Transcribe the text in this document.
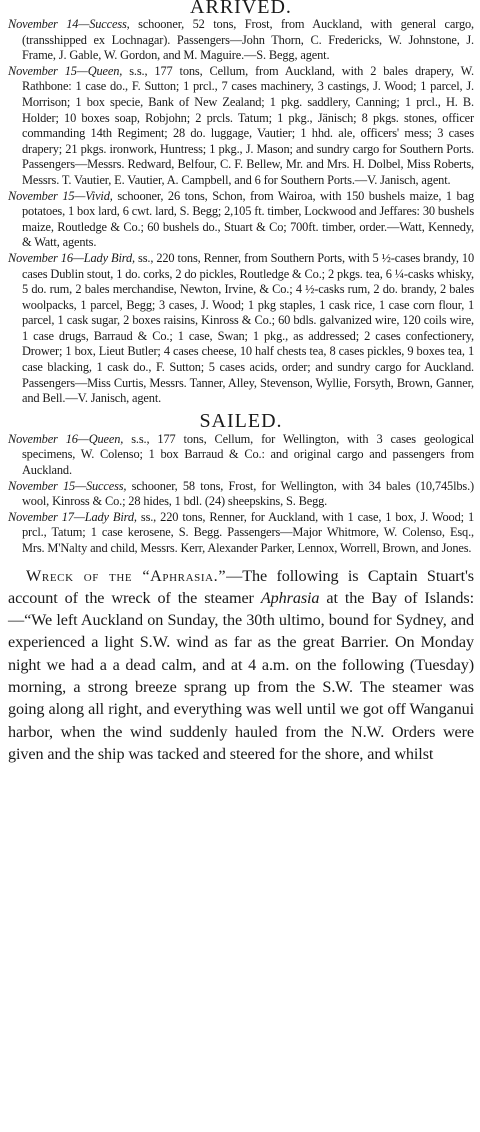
ARRIVED.

November 14—Success, schooner, 52 tons, Frost, from Auckland, with general cargo, (transshipped ex Lochnagar). Passengers—John Thorn, C. Fredericks, W. Johnstone, J. Frame, J. Gable, W. Gordon, and M. Maguire.—S. Begg, agent.

November 15—Queen, s.s., 177 tons, Cellum, from Auckland, with 2 bales drapery, W. Rathbone: 1 case do., F. Sutton; 1 prcl., 7 cases machinery, 3 castings, J. Wood; 1 parcel, J. Morrison; 1 box specie, Bank of New Zealand; 1 pkg. saddlery, Canning; 1 prcl., H. B. Holder; 10 boxes soap, Robjohn; 2 prcls. Tatum; 1 pkg., Jänisch; 8 pkgs. stones, officer commanding 14th Regiment; 28 do. luggage, Vautier; 1 hhd. ale, officers' mess; 3 cases drapery; 21 pkgs. ironwork, Huntress; 1 pkg., J. Mason; and sundry cargo for Southern Ports. Passengers—Messrs. Redward, Belfour, C. F. Bellew, Mr. and Mrs. H. Dolbel, Miss Roberts, Messrs. T. Vautier, E. Vautier, A. Campbell, and 6 for Southern Ports.—V. Janisch, agent.

November 15—Vivid, schooner, 26 tons, Schon, from Wairoa, with 150 bushels maize, 1 bag potatoes, 1 box lard, 6 cwt. lard, S. Begg; 2,105 ft. timber, Lockwood and Jeffares: 30 bushels maize, Routledge & Co.; 60 bushels do., Stuart & Co; 700ft. timber, order.—Watt, Kennedy, & Watt, agents.

November 16—Lady Bird, ss., 220 tons, Renner, from Southern Ports, with 5 ½-cases brandy, 10 cases Dublin stout, 1 do. corks, 2 do pickles, Routledge & Co.; 2 pkgs. tea, 6 ¼-casks whisky, 5 do. rum, 2 bales merchandise, Newton, Irvine, & Co.; 4 ½-casks rum, 2 do. brandy, 2 bales woolpacks, 1 parcel, Begg; 3 cases, J. Wood; 1 pkg staples, 1 cask rice, 1 case corn flour, 1 parcel, 1 cask sugar, 2 boxes raisins, Kinross & Co.; 60 bdls. galvanized wire, 120 coils wire, 1 case drugs, Barraud & Co.; 1 case, Swan; 1 pkg., as addressed; 2 cases confectionery, Drower; 1 box, Lieut Butler; 4 cases cheese, 10 half chests tea, 8 cases pickles, 9 boxes tea, 1 case blacking, 1 cask do., F. Sutton; 5 cases acids, order; and sundry cargo for Auckland. Passengers—Miss Curtis, Messrs. Tanner, Alley, Stevenson, Wyllie, Forsyth, Brown, Ganner, and Bell.—V. Janisch, agent.

SAILED.

November 16—Queen, s.s., 177 tons, Cellum, for Wellington, with 3 cases geological specimens, W. Colenso; 1 box Barraud & Co.: and original cargo and passengers from Auckland.

November 15—Success, schooner, 58 tons, Frost, for Wellington, with 34 bales (10,745lbs.) wool, Kinross & Co.; 28 hides, 1 bdl. (24) sheepskins, S. Begg.

November 17—Lady Bird, ss., 220 tons, Renner, for Auckland, with 1 case, 1 box, J. Wood; 1 prcl., Tatum; 1 case kerosene, S. Begg. Passengers—Major Whitmore, W. Colenso, Esq., Mrs. M'Nalty and child, Messrs. Kerr, Alexander Parker, Lennox, Worrell, Brown, and Jones.

Wreck of the “Aphrasia.”—The following is Captain Stuart's account of the wreck of the steamer Aphrasia at the Bay of Islands:—“We left Auckland on Sunday, the 30th ultimo, bound for Sydney, and experienced a light S.W. wind as far as the great Barrier. On Monday night we had a a dead calm, and at 4 a.m. on the following (Tuesday) morning, a strong breeze sprang up from the S.W. The steamer was going along all right, and everything was well until we got off Wanganui harbor, when the wind suddenly hauled from the N.W. Orders were given and the ship was tacked and steered for the shore, and whilst
